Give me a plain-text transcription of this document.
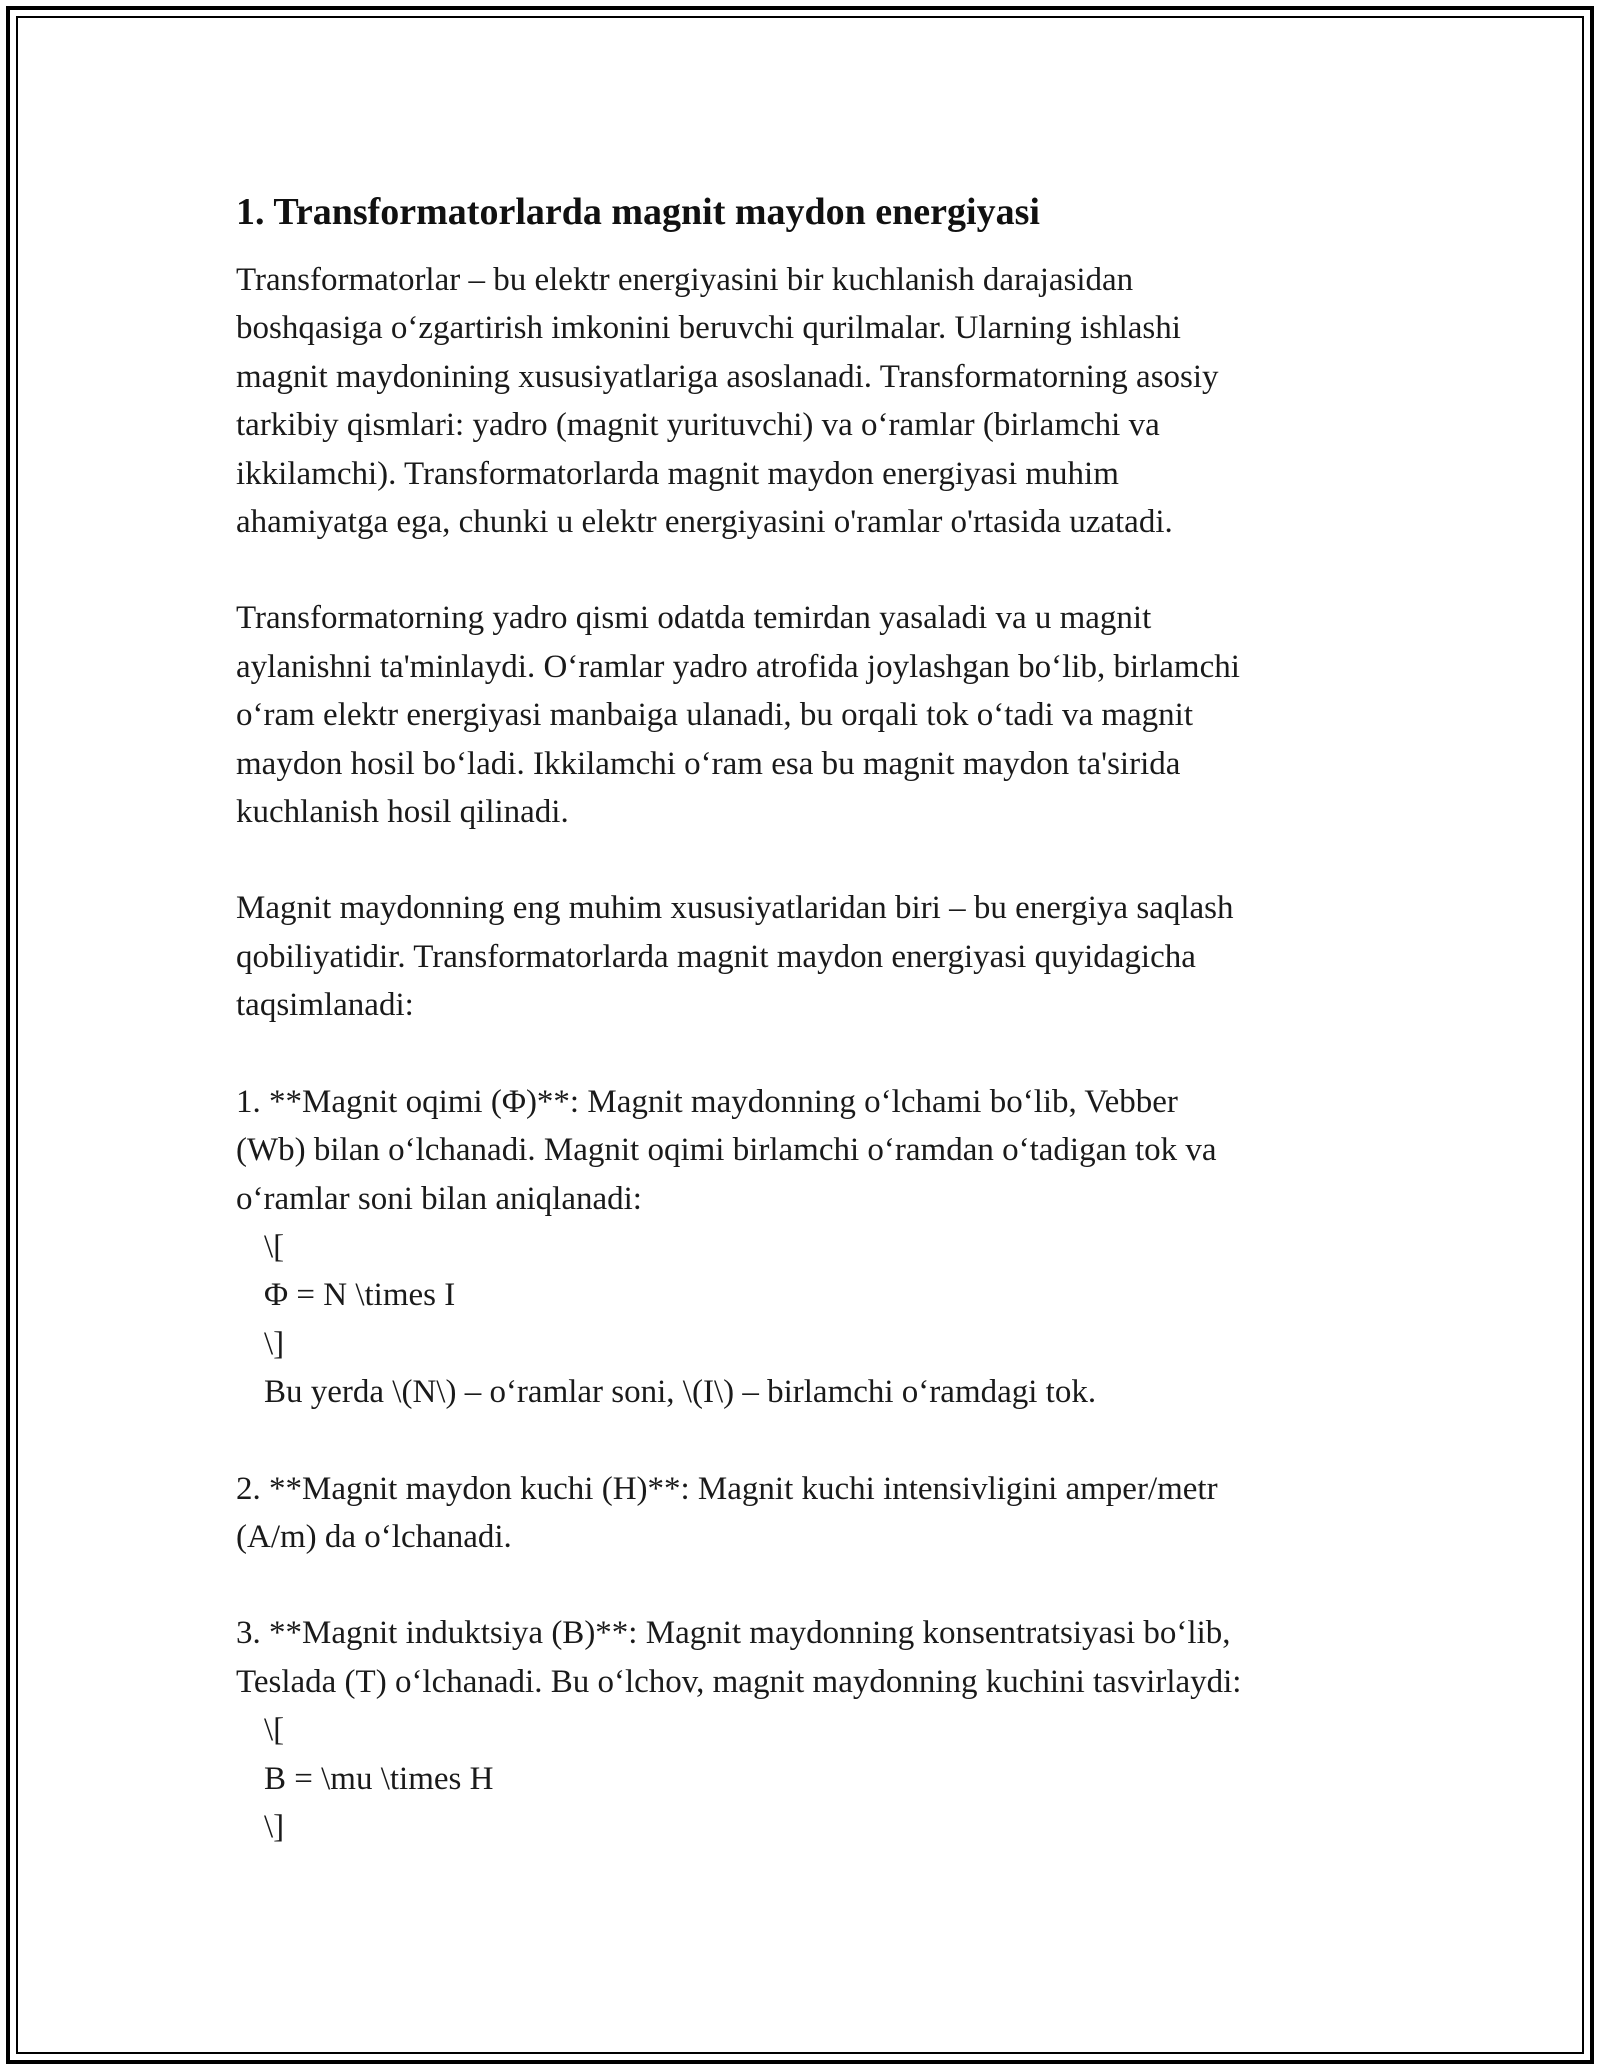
1. Transformatorlarda magnit maydon energiyasi
Transformatorlar – bu elektr energiyasini bir kuchlanish darajasidan
boshqasiga o‘zgartirish imkonini beruvchi qurilmalar. Ularning ishlashi
magnit maydonining xususiyatlariga asoslanadi. Transformatorning asosiy
tarkibiy qismlari: yadro (magnit yurituvchi) va o‘ramlar (birlamchi va
ikkilamchi). Transformatorlarda magnit maydon energiyasi muhim
ahamiyatga ega, chunki u elektr energiyasini o'ramlar o'rtasida uzatadi.
Transformatorning yadro qismi odatda temirdan yasaladi va u magnit
aylanishni ta'minlaydi. O‘ramlar yadro atrofida joylashgan bo‘lib, birlamchi
o‘ram elektr energiyasi manbaiga ulanadi, bu orqali tok o‘tadi va magnit
maydon hosil bo‘ladi. Ikkilamchi o‘ram esa bu magnit maydon ta'sirida
kuchlanish hosil qilinadi.
Magnit maydonning eng muhim xususiyatlaridan biri – bu energiya saqlash
qobiliyatidir. Transformatorlarda magnit maydon energiyasi quyidagicha
taqsimlanadi:
1. **Magnit oqimi (Φ)**: Magnit maydonning o‘lchami bo‘lib, Vebber
(Wb) bilan o‘lchanadi. Magnit oqimi birlamchi o‘ramdan o‘tadigan tok va
o‘ramlar soni bilan aniqlanadi:
\[
Φ = N \times I
\]
Bu yerda \(N\) – o‘ramlar soni, \(I\) – birlamchi o‘ramdagi tok.
2. **Magnit maydon kuchi (H)**: Magnit kuchi intensivligini amper/metr
(A/m) da o‘lchanadi.
3. **Magnit induktsiya (B)**: Magnit maydonning konsentratsiyasi bo‘lib,
Teslada (T) o‘lchanadi. Bu o‘lchov, magnit maydonning kuchini tasvirlaydi:
\[
B = \mu \times H
\]
